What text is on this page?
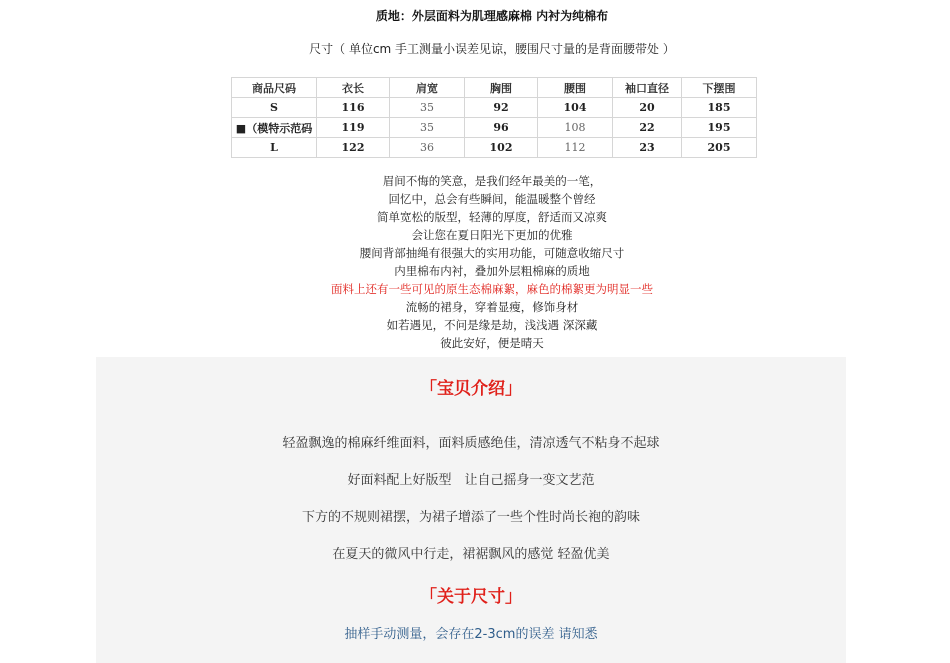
质地：外层面料为肌理感麻棉 内衬为纯棉布
尺寸（ 单位cm 手工测量小误差见谅，腰围尺寸量的是背面腰带处 ）
商品尺码	衣长	肩宽	胸围	腰围	袖口直径	下摆围
S	116	35	92	104	20	185
■（模特示范码	119	35	96	108	22	195
L	122	36	102	112	23	205
眉间不悔的笑意，是我们经年最美的一笔，
回忆中，总会有些瞬间，能温暖整个曾经
简单宽松的版型，轻薄的厚度，舒适而又凉爽
会让您在夏日阳光下更加的优雅
腰间背部抽绳有很强大的实用功能，可随意收缩尺寸
内里棉布内衬，叠加外层粗棉麻的质地
面料上还有一些可见的原生态棉麻絮，麻色的棉絮更为明显一些
流畅的裙身，穿着显瘦，修饰身材
如若遇见，不问是缘是劫，浅浅遇 深深藏
彼此安好，便是晴天
「宝贝介绍」
轻盈飘逸的棉麻纤维面料，面料质感绝佳，清凉透气不粘身不起球
好面料配上好版型　让自己摇身一变文艺范
下方的不规则裙摆，为裙子增添了一些个性时尚长袍的韵味
在夏天的微风中行走，裙裾飘风的感觉 轻盈优美
「关于尺寸」
抽样手动测量，会存在2-3cm的误差 请知悉
